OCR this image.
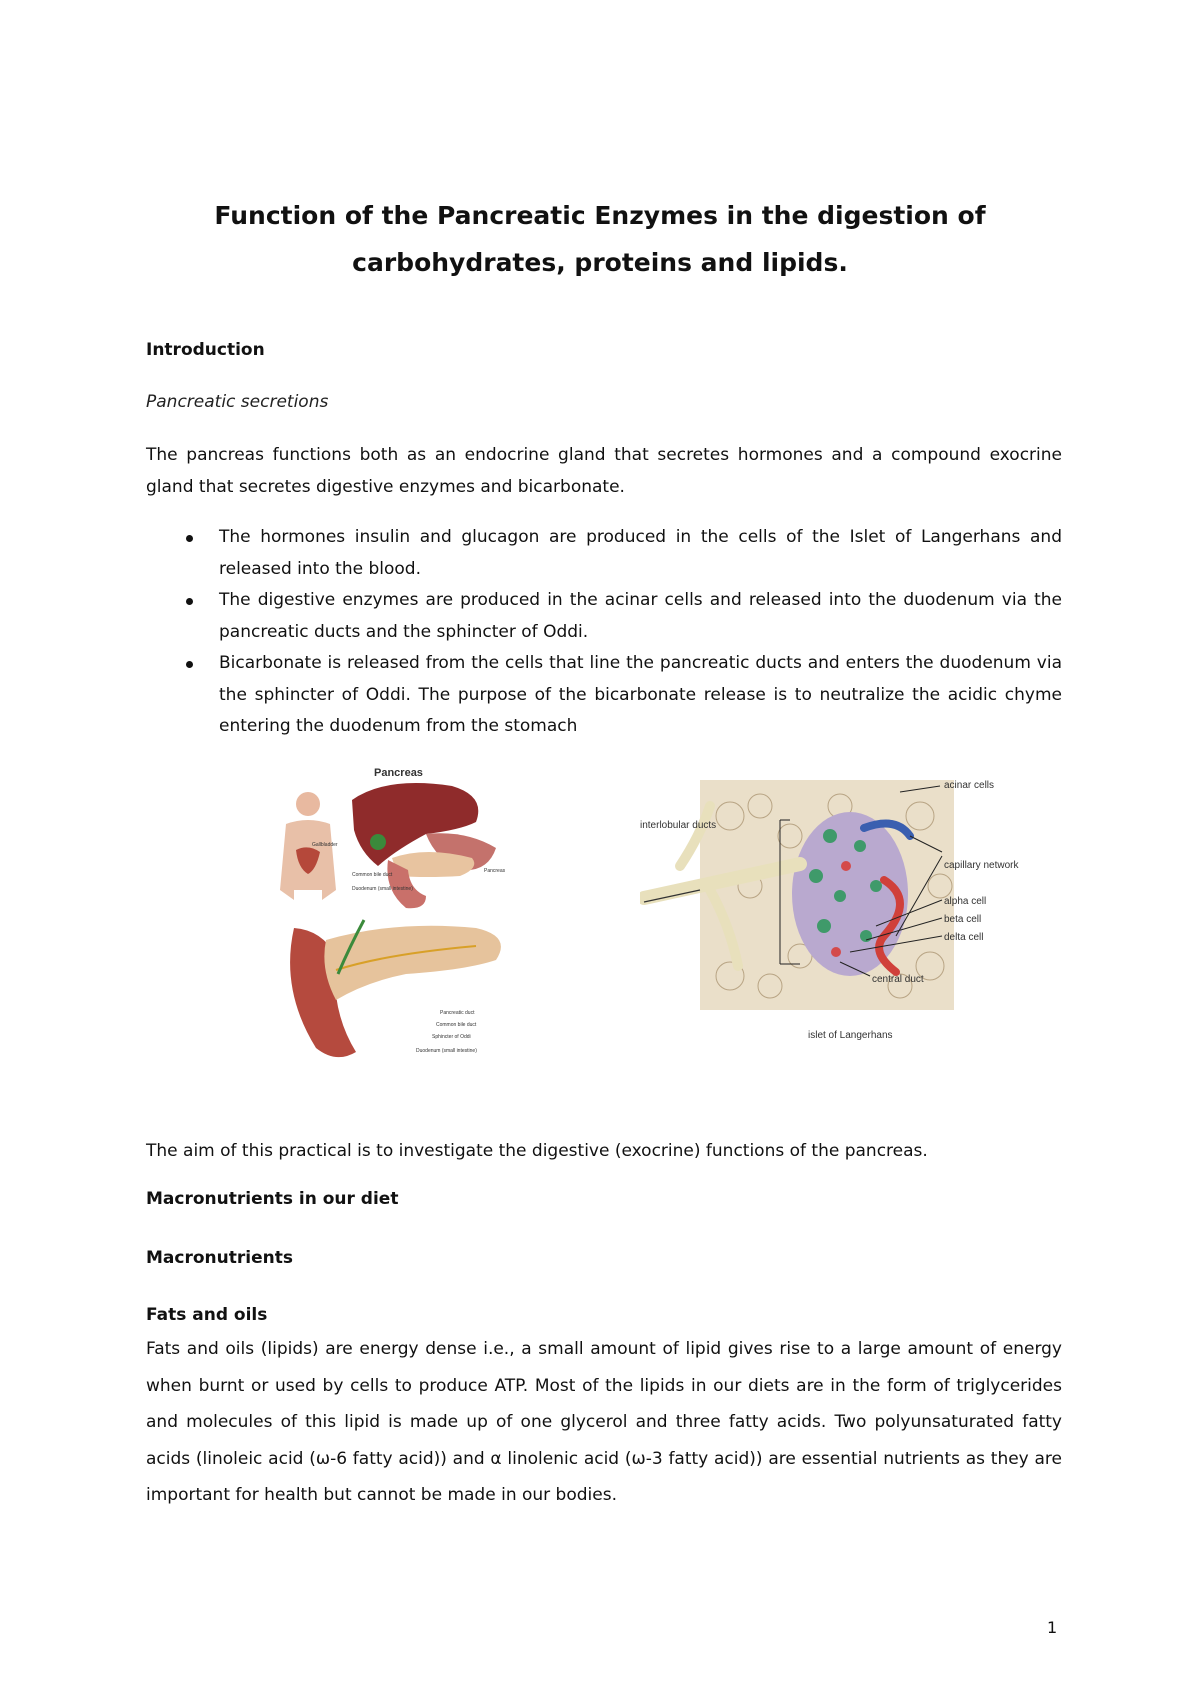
Function of the Pancreatic Enzymes in the digestion of
carbohydrates, proteins and lipids.
Introduction
Pancreatic secretions
The pancreas functions both as an endocrine gland that secretes hormones and a compound exocrine gland that secretes digestive enzymes and bicarbonate.
The hormones insulin and glucagon are produced in the cells of the Islet of Langerhans and released into the blood.
The digestive enzymes are produced in the acinar cells and released into the duodenum via the pancreatic ducts and the sphincter of Oddi.
Bicarbonate is released from the cells that line the pancreatic ducts and enters the duodenum via the sphincter of Oddi. The purpose of the bicarbonate release is to neutralize the acidic chyme entering the duodenum from the stomach
Pancreas
Gallbladder
Pancreas
Common bile duct
Duodenum (small intestine)
Pancreatic duct
Common bile duct
Sphincter of Oddi
Duodenum (small intestine)
acinar cells
interlobular ducts
capillary network
alpha cell
beta cell
delta cell
central duct
islet of Langerhans
The aim of this practical is to investigate the digestive (exocrine) functions of the pancreas.
Macronutrients in our diet
Macronutrients
Fats and oils
Fats and oils (lipids) are energy dense i.e., a small amount of lipid gives rise to a large amount of energy when burnt or used by cells to produce ATP. Most of the lipids in our diets are in the form of triglycerides and molecules of this lipid is made up of one glycerol and three fatty acids. Two polyunsaturated fatty acids (linoleic acid (ω-6 fatty acid)) and α linolenic acid (ω-3 fatty acid)) are essential nutrients as they are important for health but cannot be made in our bodies.
1
